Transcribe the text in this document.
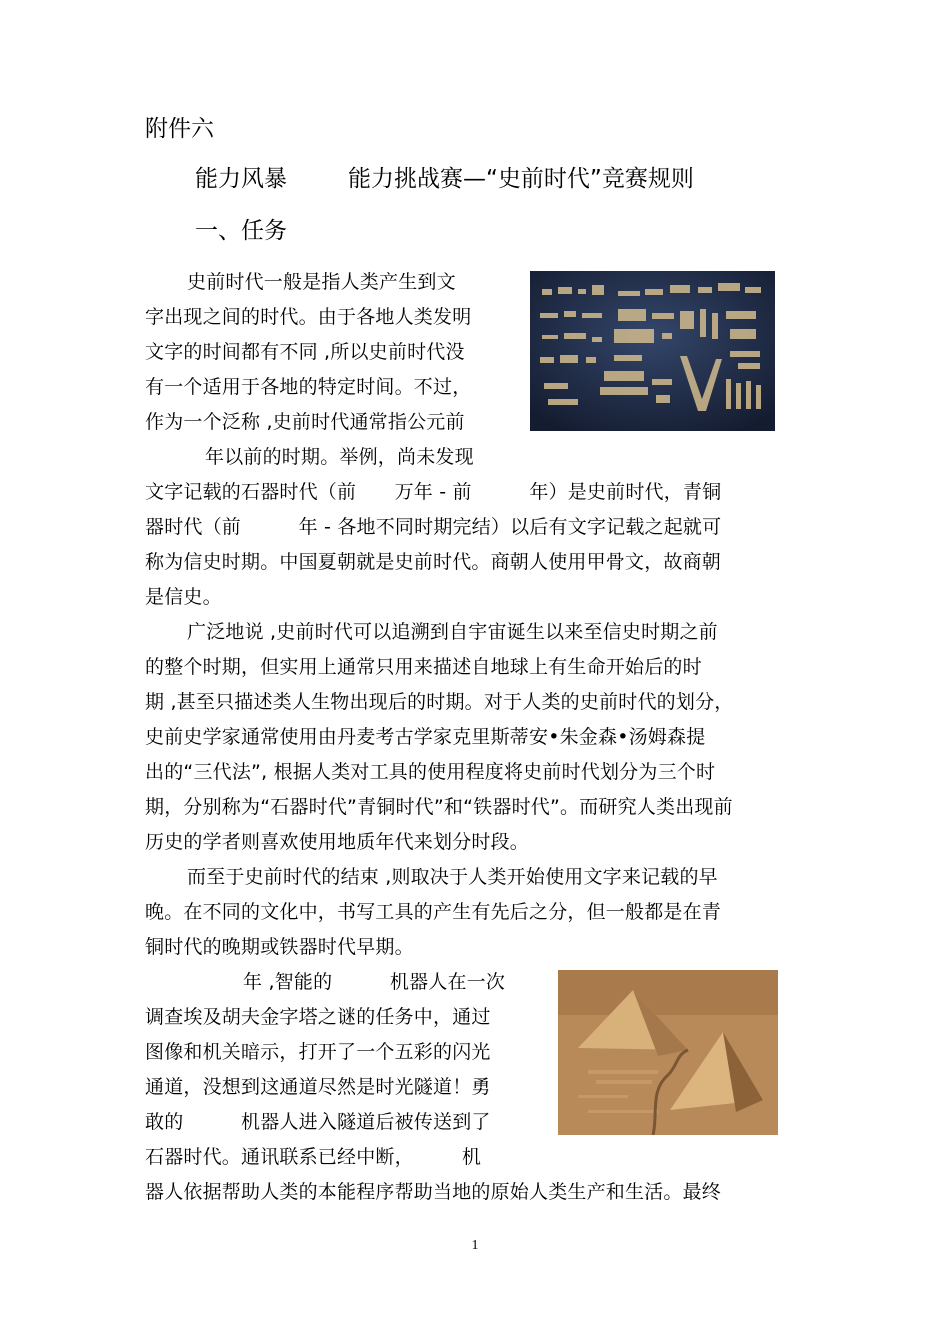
附件六
能力风暴	能力挑战赛—“史前时代”竞赛规则
一、任务
史前时代一般是指人类产生到文
字出现之间的时代。由于各地人类发明
文字的时间都有不同 ,所以史前时代没
有一个适用于各地的特定时间。不过，
作为一个泛称 ,史前时代通常指公元前
年以前的时期。举例，尚未发现
文字记载的石器时代（前　　万年 - 前　　　年）是史前时代，青铜
器时代（前　　　年 - 各地不同时期完结）以后有文字记载之起就可
称为信史时期。中国夏朝就是史前时代。商朝人使用甲骨文，故商朝
是信史。
广泛地说 ,史前时代可以追溯到自宇宙诞生以来至信史时期之前
的整个时期，但实用上通常只用来描述自地球上有生命开始后的时
期 ,甚至只描述类人生物出现后的时期。对于人类的史前时代的划分，
史前史学家通常使用由丹麦考古学家克里斯蒂安•朱金森•汤姆森提
出的“三代法”, 根据人类对工具的使用程度将史前时代划分为三个时
期，分别称为“石器时代”青铜时代”和“铁器时代”。而研究人类出现前
历史的学者则喜欢使用地质年代来划分时段。
而至于史前时代的结束 ,则取决于人类开始使用文字来记载的早
晚。在不同的文化中，书写工具的产生有先后之分，但一般都是在青
铜时代的晚期或铁器时代早期。
年 ,智能的　　　机器人在一次
调查埃及胡夫金字塔之谜的任务中，通过
图像和机关暗示，打开了一个五彩的闪光
通道，没想到这通道尽然是时光隧道！勇
敢的　　　机器人进入隧道后被传送到了
石器时代。通讯联系已经中断，　　　机
器人依据帮助人类的本能程序帮助当地的原始人类生产和生活。最终
1
